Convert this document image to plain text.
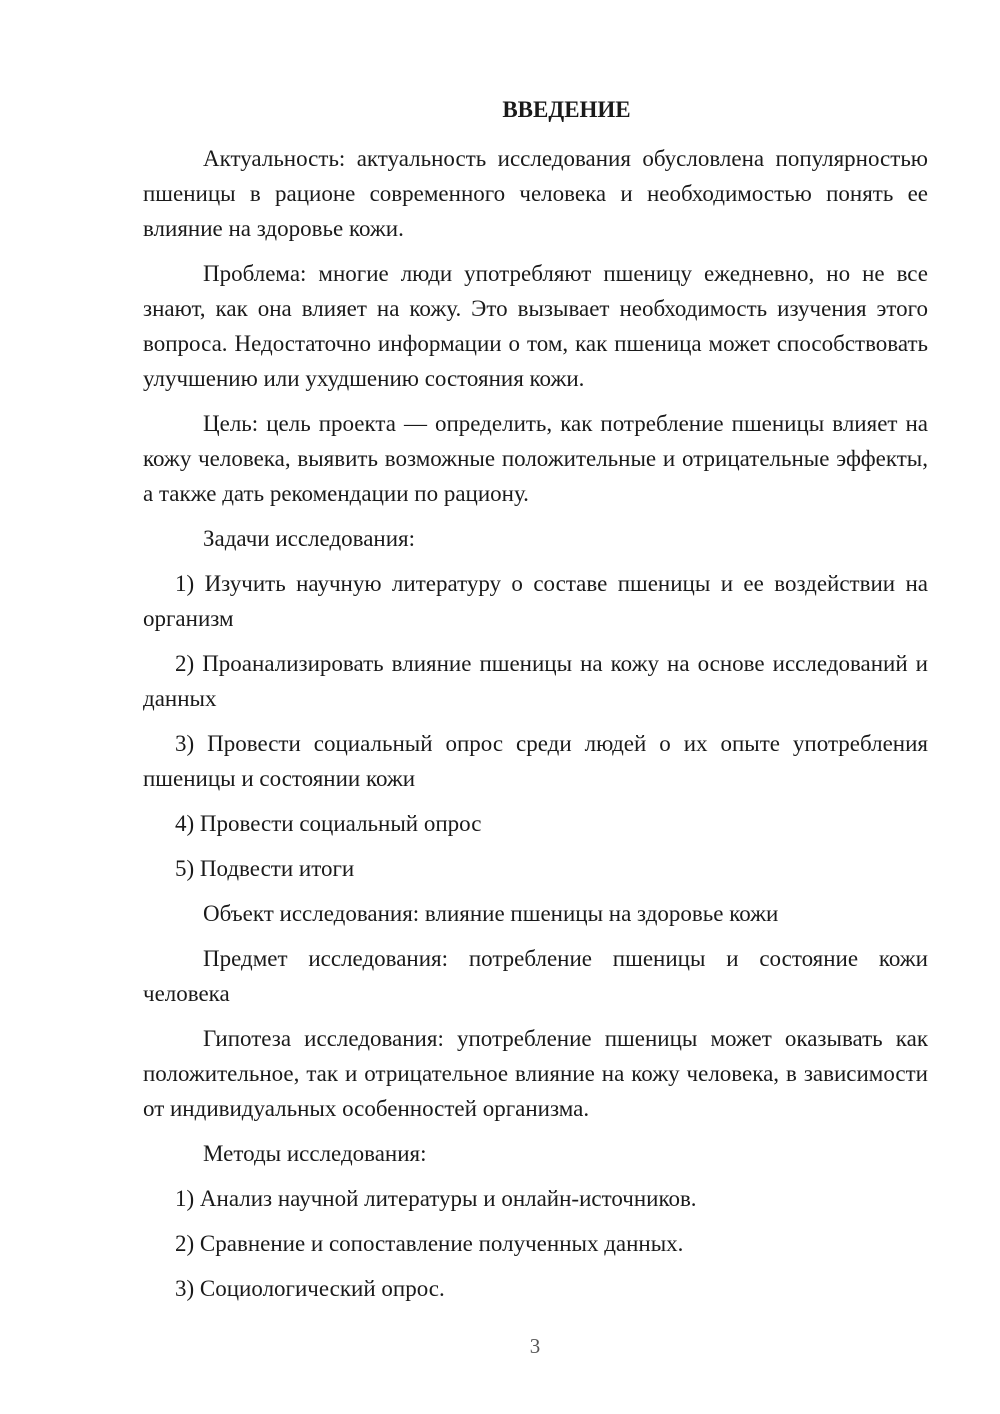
ВВЕДЕНИЕ

Актуальность: актуальность исследования обусловлена популярностью пшеницы в рационе современного человека и необходимостью понять ее влияние на здоровье кожи.

Проблема: многие люди употребляют пшеницу ежедневно, но не все знают, как она влияет на кожу. Это вызывает необходимость изучения этого вопроса. Недостаточно информации о том, как пшеница может способствовать улучшению или ухудшению состояния кожи.

Цель: цель проекта — определить, как потребление пшеницы влияет на кожу человека, выявить возможные положительные и отрицательные эффекты, а также дать рекомендации по рациону.

Задачи исследования:

1) Изучить научную литературу о составе пшеницы и ее воздействии на организм

2) Проанализировать влияние пшеницы на кожу на основе исследований и данных

3) Провести социальный опрос среди людей о их опыте употребления пшеницы и состоянии кожи

4) Провести социальный опрос

5) Подвести итоги

Объект исследования: влияние пшеницы на здоровье кожи

Предмет исследования: потребление пшеницы и состояние кожи человека

Гипотеза исследования: употребление пшеницы может оказывать как положительное, так и отрицательное влияние на кожу человека, в зависимости от индивидуальных особенностей организма.

Методы исследования:

1) Анализ научной литературы и онлайн-источников.

2) Сравнение и сопоставление полученных данных.

3) Социологический опрос.

3
